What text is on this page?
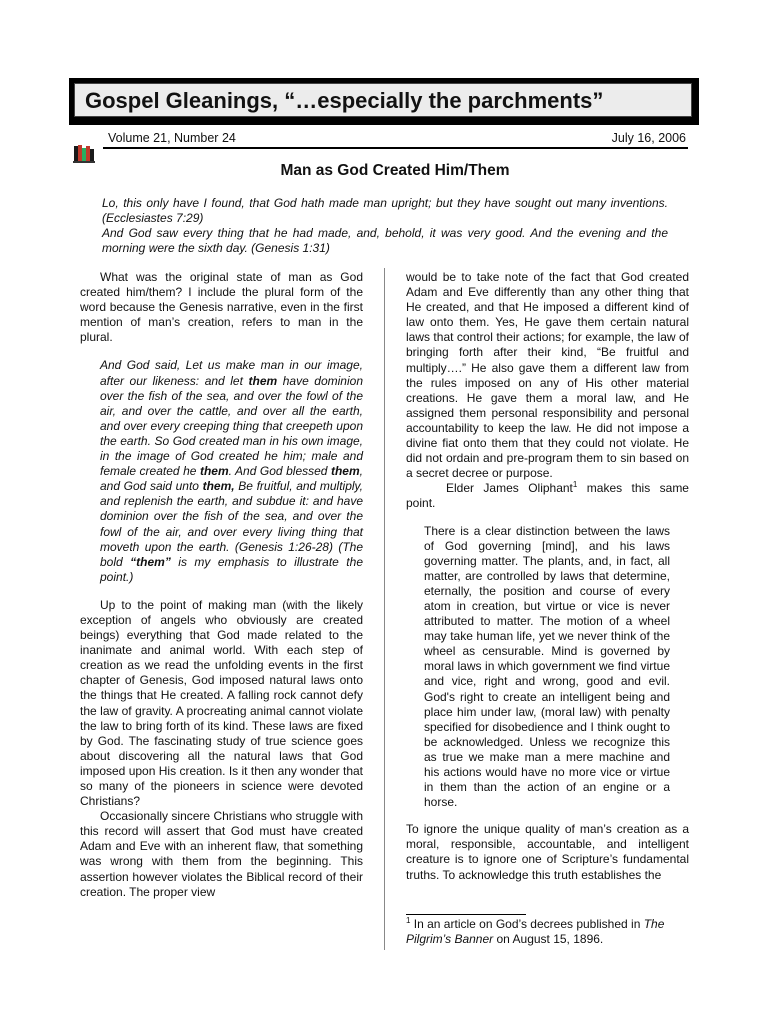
Gospel Gleanings, “…especially the parchments”
Volume 21, Number 24	July 16, 2006
Man as God Created Him/Them

Lo, this only have I found, that God hath made man upright; but they have sought out many inventions. (Ecclesiastes 7:29)

And God saw every thing that he had made, and, behold, it was very good. And the evening and the morning were the sixth day. (Genesis 1:31)

What was the original state of man as God created him/them? I include the plural form of the word because the Genesis narrative, even in the first mention of man’s creation, refers to man in the plural.

And God said, Let us make man in our image, after our likeness: and let them have dominion over the fish of the sea, and over the fowl of the air, and over the cattle, and over all the earth, and over every creeping thing that creepeth upon the earth. So God created man in his own image, in the image of God created he him; male and female created he them. And God blessed them, and God said unto them, Be fruitful, and multiply, and replenish the earth, and subdue it: and have dominion over the fish of the sea, and over the fowl of the air, and over every living thing that moveth upon the earth. (Genesis 1:26-28) (The bold “them” is my emphasis to illustrate the point.)

Up to the point of making man (with the likely exception of angels who obviously are created beings) everything that God made related to the inanimate and animal world. With each step of creation as we read the unfolding events in the first chapter of Genesis, God imposed natural laws onto the things that He created. A falling rock cannot defy the law of gravity. A procreating animal cannot violate the law to bring forth of its kind. These laws are fixed by God. The fascinating study of true science goes about discovering all the natural laws that God imposed upon His creation. Is it then any wonder that so many of the pioneers in science were devoted Christians?

Occasionally sincere Christians who struggle with this record will assert that God must have created Adam and Eve with an inherent flaw, that something was wrong with them from the beginning. This assertion however violates the Biblical record of their creation. The proper view

would be to take note of the fact that God created Adam and Eve differently than any other thing that He created, and that He imposed a different kind of law onto them. Yes, He gave them certain natural laws that control their actions; for example, the law of bringing forth after their kind, “Be fruitful and multiply….” He also gave them a different law from the rules imposed on any of His other material creations. He gave them a moral law, and He assigned them personal responsibility and personal accountability to keep the law. He did not impose a divine fiat onto them that they could not violate. He did not ordain and pre-program them to sin based on a secret decree or purpose.

Elder James Oliphant$^1$ makes this same point.

There is a clear distinction between the laws of God governing [mind], and his laws governing matter. The plants, and, in fact, all matter, are controlled by laws that determine, eternally, the position and course of every atom in creation, but virtue or vice is never attributed to matter. The motion of a wheel may take human life, yet we never think of the wheel as censurable. Mind is governed by moral laws in which government we find virtue and vice, right and wrong, good and evil. God's right to create an intelligent being and place him under law, (moral law) with penalty specified for disobedience and I think ought to be acknowledged. Unless we recognize this as true we make man a mere machine and his actions would have no more vice or virtue in them than the action of an engine or a horse.

To ignore the unique quality of man’s creation as a moral, responsible, accountable, and intelligent creature is to ignore one of Scripture’s fundamental truths. To acknowledge this truth establishes the

$^1$ In an article on God’s decrees published in The Pilgrim’s Banner on August 15, 1896.
